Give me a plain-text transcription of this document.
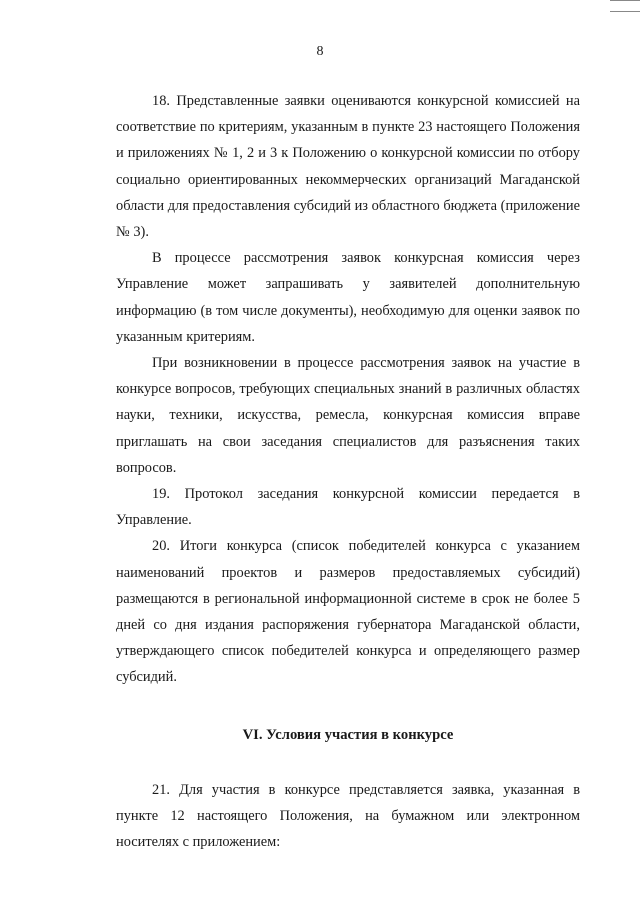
8

18. Представленные заявки оцениваются конкурсной комиссией на соответствие по критериям, указанным в пункте 23 настоящего Положения и приложениях № 1, 2 и 3 к Положению о конкурсной комиссии по отбору социально ориентированных некоммерческих организаций Магаданской области для предоставления субсидий из областного бюджета (приложение № 3).

В процессе рассмотрения заявок конкурсная комиссия через Управление может запрашивать у заявителей дополнительную информацию (в том числе документы), необходимую для оценки заявок по указанным критериям.

При возникновении в процессе рассмотрения заявок на участие в конкурсе вопросов, требующих специальных знаний в различных областях науки, техники, искусства, ремесла, конкурсная комиссия вправе приглашать на свои заседания специалистов для разъяснения таких вопросов.

19. Протокол заседания конкурсной комиссии передается в Управление.

20. Итоги конкурса (список победителей конкурса с указанием наименований проектов и размеров предоставляемых субсидий) размещаются в региональной информационной системе в срок не более 5 дней со дня издания распоряжения губернатора Магаданской области, утверждающего список победителей конкурса и определяющего размер субсидий.

VI. Условия участия в конкурсе

21. Для участия в конкурсе представляется заявка, указанная в пункте 12 настоящего Положения, на бумажном или электронном носителях с приложением:
